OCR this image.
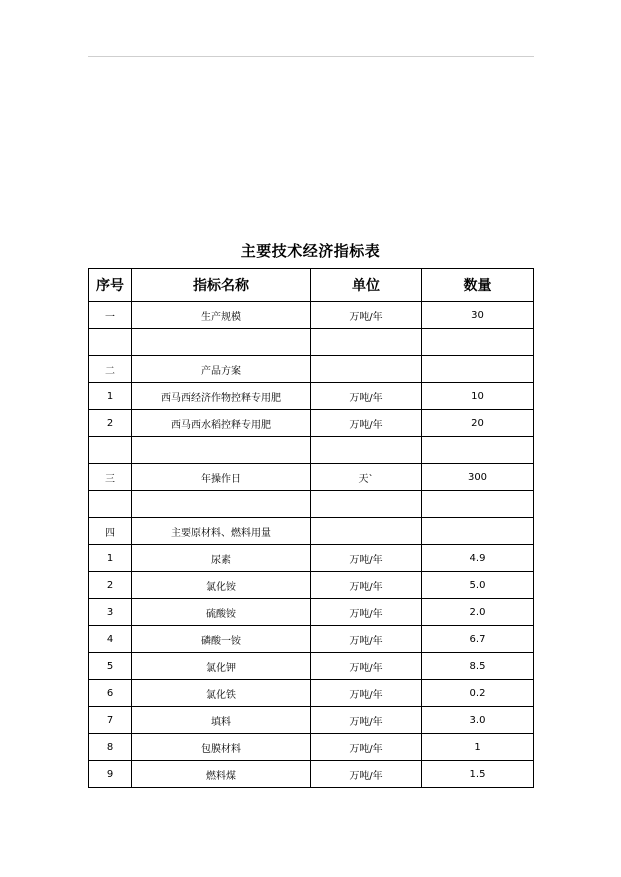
主要技术经济指标表
序号	指标名称	单位	数量
一	生产规模	万吨/年	30

二	产品方案		
1	西马西经济作物控释专用肥	万吨/年	10
2	西马西水稻控释专用肥	万吨/年	20

三	年操作日	天`	300

四	主要原材料、燃料用量		
1	尿素	万吨/年	4.9
2	氯化铵	万吨/年	5.0
3	硫酸铵	万吨/年	2.0
4	磷酸一铵	万吨/年	6.7
5	氯化钾	万吨/年	8.5
6	氯化铁	万吨/年	0.2
7	填料	万吨/年	3.0
8	包膜材料	万吨/年	1
9	燃料煤	万吨/年	1.5
